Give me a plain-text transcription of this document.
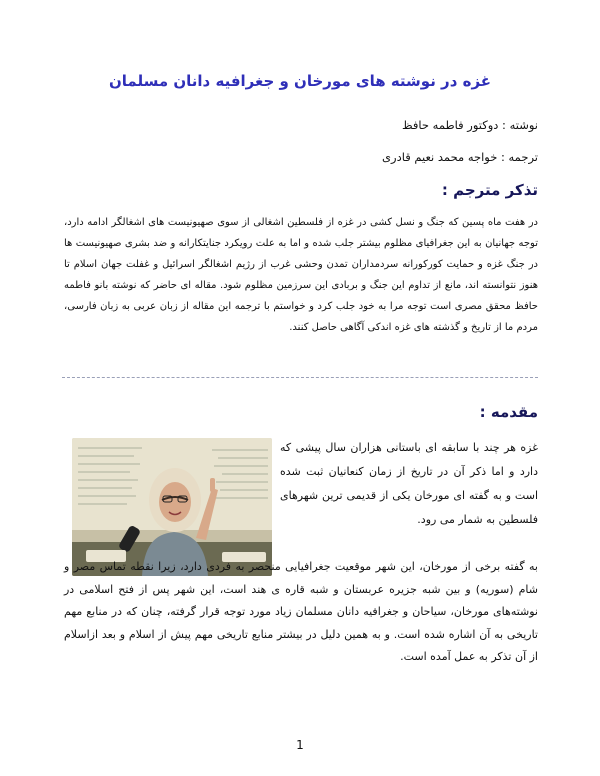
غزه در نوشته های مورخان و جغرافیه دانان مسلمان

نوشته : دوکتور فاطمه حافظ

ترجمه : خواجه محمد نعیم قادری

تذکر مترجم :

در هفت ماه پسین که جنگ و نسل کشی در غزه از فلسطین اشغالی از سوی صهیونیست های اشغالگر ادامه دارد، توجه جهانیان به این جغرافیای مظلوم بیشتر جلب شده و اما به علت رویکرد جنایتکارانه و ضد بشری صهیونیست ها در جنگ غزه و حمایت کورکورانه سردمداران تمدن وحشی غرب از رژیم اشغالگر اسرائیل و غفلت جهان اسلام تا هنوز نتوانسته اند، مانع از تداوم این جنگ و بربادی این سرزمین مظلوم شود. مقاله ای حاضر که نوشته بانو فاطمه حافظ محقق مصری است توجه مرا به خود جلب کرد و خواستم با ترجمه این مقاله از زبان عربی به زبان فارسی، مردم ما از تاریخ و گذشته های غزه اندکی آگاهی حاصل کنند.

مقدمه :

غزه هر چند با سابقه ای باستانی هزاران سال پیشی که دارد و اما ذکر آن در تاریخ از زمان کنعانیان ثبت شده است و به گفته ای مورخان یکی از قدیمی ترین شهرهای فلسطین به شمار می رود.

به گفته برخی از مورخان، این شهر موقعیت جغرافیایی منحصر به فردی دارد، زیرا نقطه تماس مصر و شام (سوریه) و بین شبه جزیره عربستان و شبه قاره ی هند است، این شهر پس از فتح اسلامی در نوشته‌های مورخان، سیاحان و جغرافیه دانان مسلمان زیاد مورد توجه قرار گرفته، چنان که در منابع مهم تاریخی به آن اشاره شده است. و به همین دلیل در بیشتر منابع تاریخی مهم پیش از اسلام و بعد ازاسلام از آن تذکر به عمل آمده است.

1
